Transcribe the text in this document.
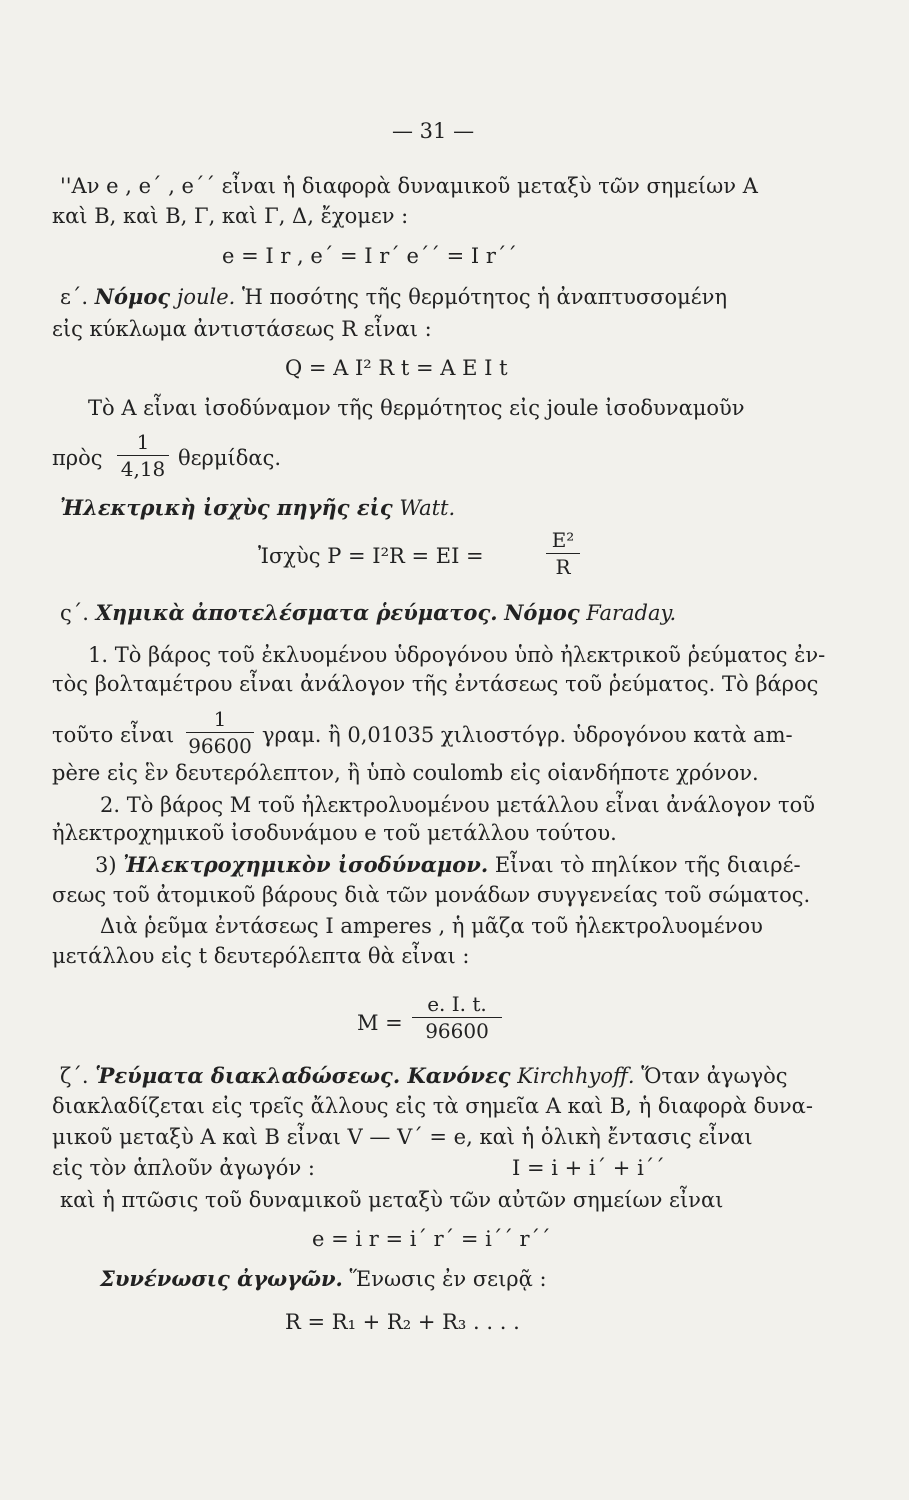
— 31 —
''Αν e , e΄ , e΄΄ εἶναι ἡ διαφορὰ δυναμικοῦ μεταξὺ τῶν σημείων Α
καὶ Β, καὶ Β, Γ, καὶ Γ, Δ, ἔχομεν :
e = I r , e΄ = I r΄ e΄΄ = I r΄΄
ε΄. Νόμος joule. Ἡ ποσότης τῆς θερμότητος ἡ ἀναπτυσσομένη
εἰς κύκλωμα ἀντιστάσεως R εἶναι :
Q = A I² R t = A E I t
Τὸ Α εἶναι ἰσοδύναμον τῆς θερμότητος εἰς joule ἰσοδυναμοῦν
πρὸς
1
4,18 θερμίδας.
Ἠλεκτρικὴ ἰσχὺς πηγῆς εἰς Watt.
Ἰσχὺς P = I²R = EI =
E²
R
ς΄. Χημικὰ ἀποτελέσματα ῥεύματος. Νόμος Faraday.
1. Τὸ βάρος τοῦ ἐκλυομένου ὑδρογόνου ὑπὸ ἠλεκτρικοῦ ῥεύματος ἐν-
τὸς βολταμέτρου εἶναι ἀνάλογον τῆς ἐντάσεως τοῦ ῥεύματος. Τὸ βάρος
τοῦτο εἶναι
1
96600 γραμ. ἢ 0,01035 χιλιοστόγρ. ὑδρογόνου κατὰ am-
père εἰς ἓν δευτερόλεπτον, ἢ ὑπὸ coulomb εἰς οἱανδήποτε χρόνον.
2. Τὸ βάρος Μ τοῦ ἠλεκτρολυομένου μετάλλου εἶναι ἀνάλογον τοῦ
ἠλεκτροχημικοῦ ἰσοδυνάμου e τοῦ μετάλλου τούτου.
3) Ἠλεκτροχημικὸν ἰσοδύναμον. Εἶναι τὸ πηλίκον τῆς διαιρέ-
σεως τοῦ ἀτομικοῦ βάρους διὰ τῶν μονάδων συγγενείας τοῦ σώματος.
Διὰ ῥεῦμα ἐντάσεως I amperes , ἡ μᾶζα τοῦ ἠλεκτρολυομένου
μετάλλου εἰς t δευτερόλεπτα θὰ εἶναι :
M =
e. I. t.
96600
ζ΄. Ῥεύματα διακλαδώσεως. Κανόνες Kirchhyoff. Ὅταν ἀγωγὸς
διακλαδίζεται εἰς τρεῖς ἄλλους εἰς τὰ σημεῖα Α καὶ Β, ἡ διαφορὰ δυνα-
μικοῦ μεταξὺ Α καὶ Β εἶναι V — V΄ = e, καὶ ἡ ὁλικὴ ἔντασις εἶναι
εἰς τὸν ἁπλοῦν ἀγωγόν :	I = i + i΄ + i΄΄
καὶ ἡ πτῶσις τοῦ δυναμικοῦ μεταξὺ τῶν αὐτῶν σημείων εἶναι
e = i r = i΄ r΄ = i΄΄ r΄΄
Συνένωσις ἀγωγῶν. Ἕνωσις ἐν σειρᾷ :
R = R₁ + R₂ + R₃ . . . .
